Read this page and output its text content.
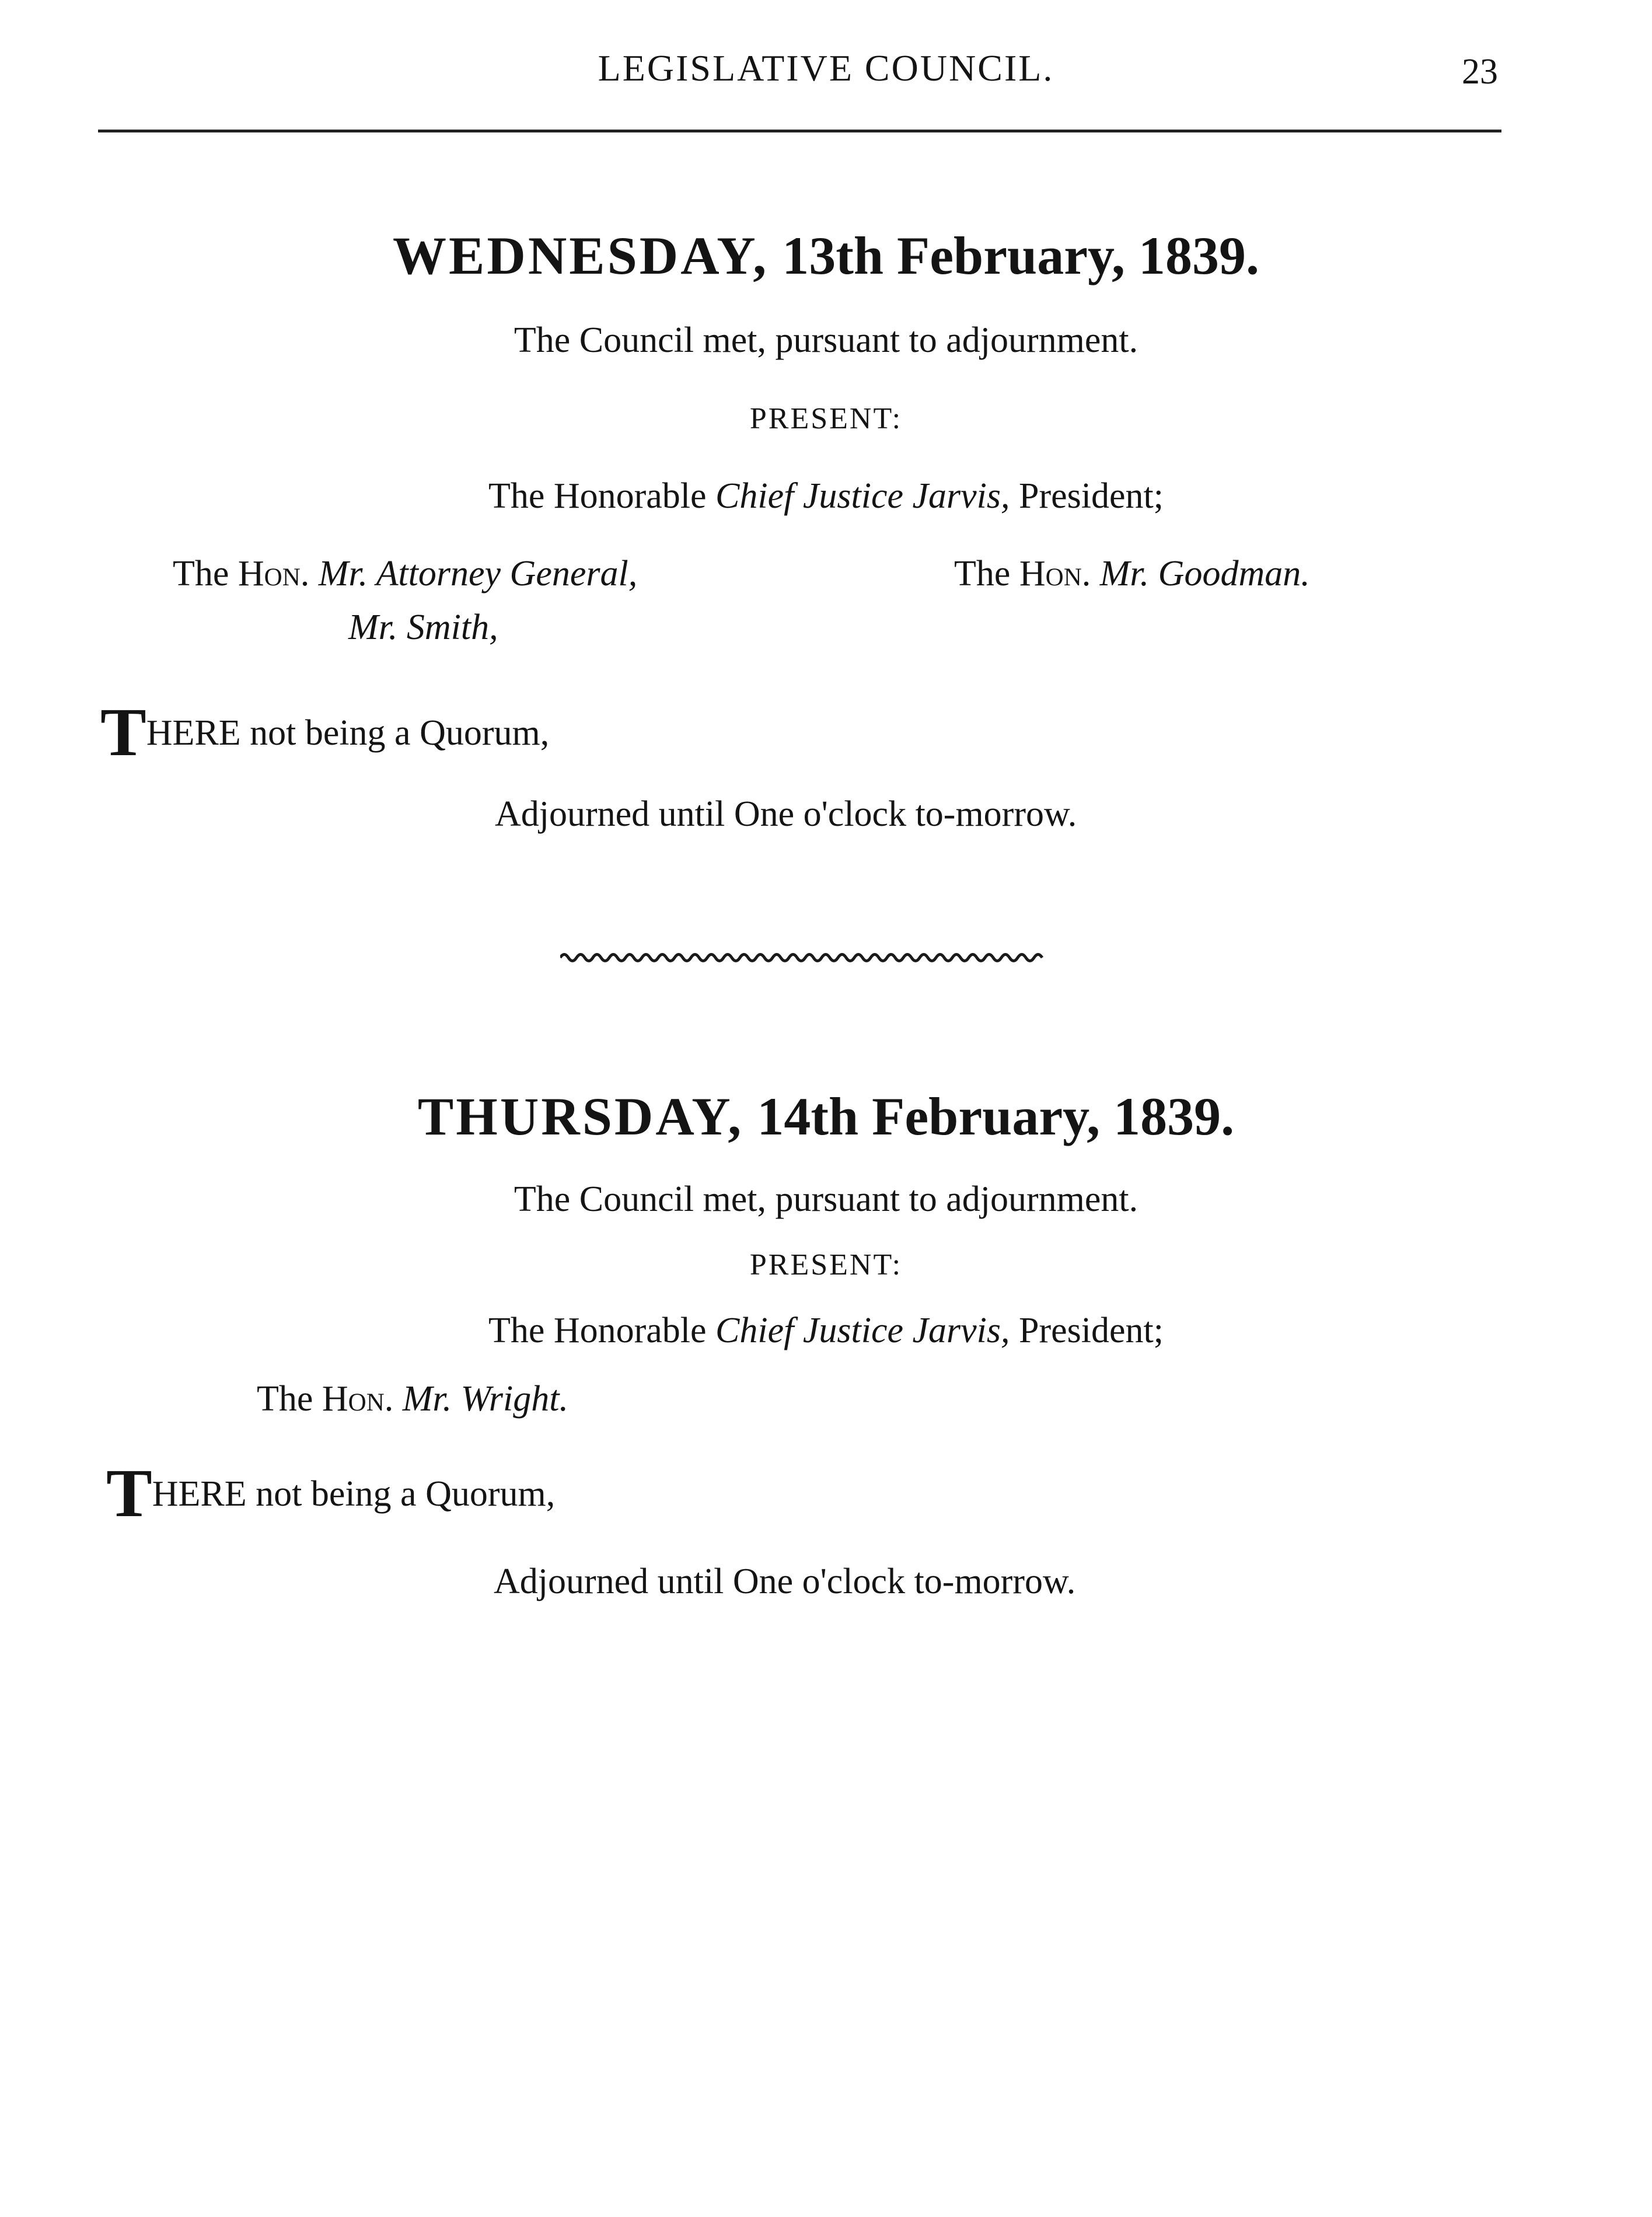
LEGISLATIVE COUNCIL.	23
WEDNESDAY, 13th February, 1839.
The Council met, pursuant to adjournment.
PRESENT:
The Honorable Chief Justice Jarvis, President;
The Hon. Mr. Attorney General,
Mr. Smith,
The Hon. Mr. Goodman.
THERE not being a Quorum,
Adjourned until One o'clock to-morrow.
THURSDAY, 14th February, 1839.
The Council met, pursuant to adjournment.
PRESENT:
The Honorable Chief Justice Jarvis, President;
The Hon. Mr. Wright.
THERE not being a Quorum,
Adjourned until One o'clock to-morrow.
